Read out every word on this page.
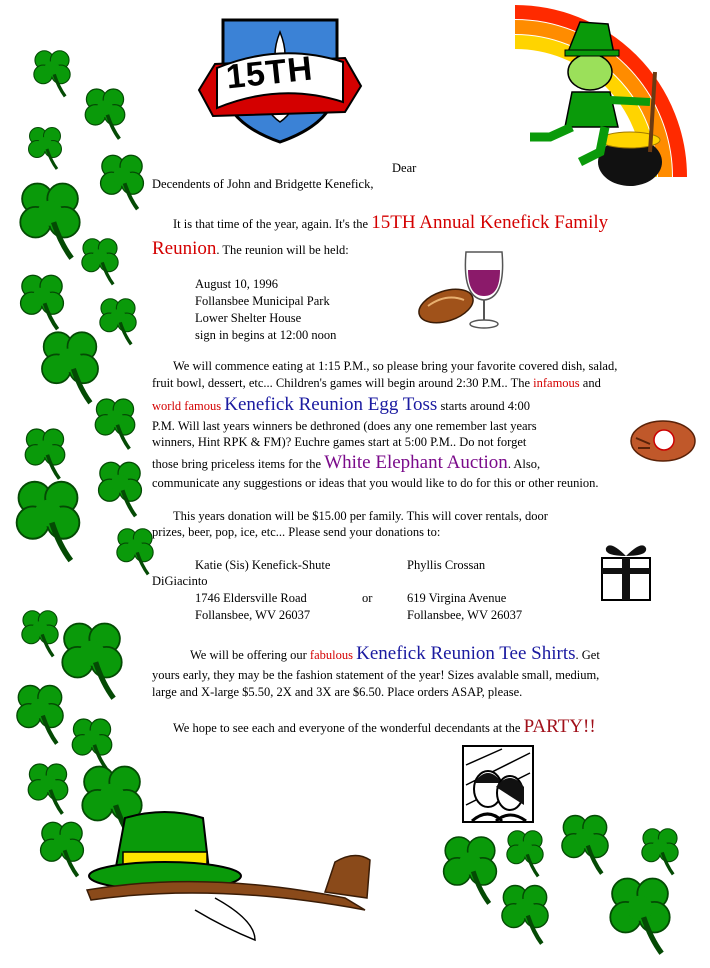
15TH
Dear
Decendents of John and Bridgette Kenefick,
It is that time of the year, again. It's the 15TH Annual Kenefick Family
Reunion. The reunion will be held:
August 10, 1996
Follansbee Municipal Park
Lower Shelter House
sign in begins at 12:00 noon
We will commence eating at 1:15 P.M., so please bring your favorite covered dish, salad,
fruit bowl, dessert, etc... Children's games will begin around 2:30 P.M.. The infamous and
world famous Kenefick Reunion Egg Toss starts around 4:00
P.M. Will last years winners be dethroned (does any one remember last years
winners, Hint RPK & FM)? Euchre games start at 5:00 P.M.. Do not forget
those bring priceless items for the White Elephant Auction. Also,
communicate any suggestions or ideas that you would like to do for this or other reunion.
This years donation will be $15.00 per family. This will cover rentals, door
prizes, beer, pop, ice, etc... Please send your donations to:
Katie (Sis) Kenefick-Shute	Phyllis Crossan
DiGiacinto
1746 Eldersville Road	or	619 Virgina Avenue
Follansbee, WV 26037	Follansbee, WV 26037
We will be offering our fabulous Kenefick Reunion Tee Shirts. Get
yours early, they may be the fashion statement of the year! Sizes avalable small, medium,
large and X-large $5.50, 2X and 3X are $6.50. Place orders ASAP, please.
We hope to see each and everyone of the wonderful decendants at the PARTY!!
